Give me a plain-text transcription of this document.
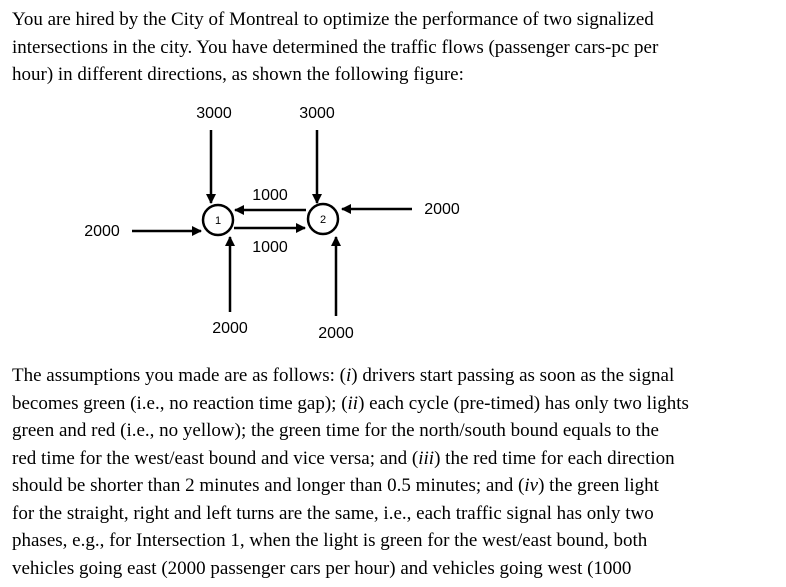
You are hired by the City of Montreal to optimize the performance of two signalized
intersections in the city. You have determined the traffic flows (passenger cars-pc per
hour) in different directions, as shown the following figure:
3000	3000
2000
2000
1000
1000
2000	2000
1	2
The assumptions you made are as follows: (i) drivers start passing as soon as the signal
becomes green (i.e., no reaction time gap); (ii) each cycle (pre-timed) has only two lights
green and red (i.e., no yellow); the green time for the north/south bound equals to the
red time for the west/east bound and vice versa; and (iii) the red time for each direction
should be shorter than 2 minutes and longer than 0.5 minutes; and (iv) the green light
for the straight, right and left turns are the same, i.e., each traffic signal has only two
phases, e.g., for Intersection 1, when the light is green for the west/east bound, both
vehicles going east (2000 passenger cars per hour) and vehicles going west (1000
